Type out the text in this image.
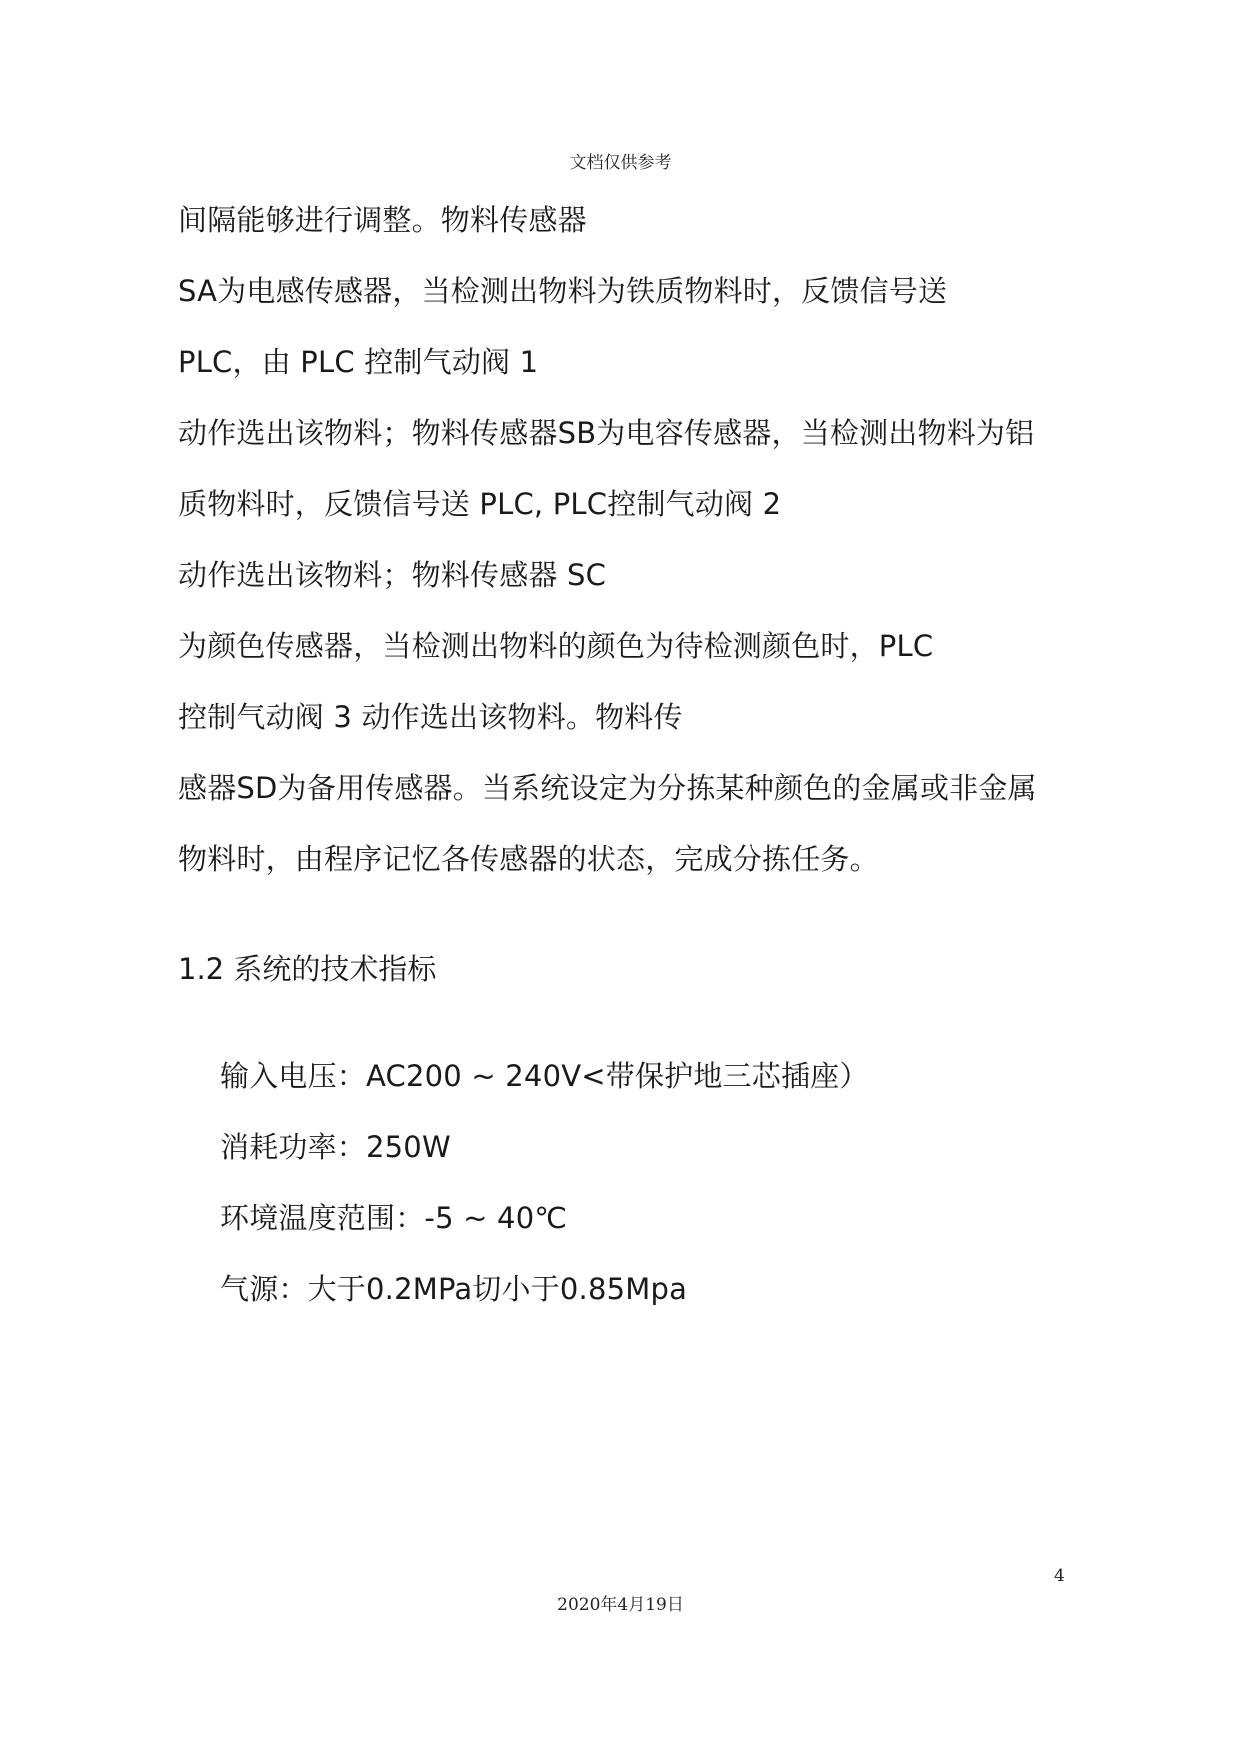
文档仅供参考
间隔能够进行调整。物料传感器
SA为电感传感器，当检测出物料为铁质物料时，反馈信号送
PLC，由 PLC 控制气动阀 1
动作选出该物料；物料传感器SB为电容传感器，当检测出物料为铝
质物料时，反馈信号送 PLC, PLC控制气动阀 2
动作选出该物料；物料传感器 SC
为颜色传感器，当检测出物料的颜色为待检测颜色时，PLC
控制气动阀 3 动作选出该物料。物料传
感器SD为备用传感器。当系统设定为分拣某种颜色的金属或非金属
物料时，由程序记忆各传感器的状态，完成分拣任务。
1.2 系统的技术指标
输入电压：AC200 ~ 240V<带保护地三芯插座）
消耗功率：250W
环境温度范围：-5 ~ 40℃
气源：大于0.2MPa切小于0.85Mpa
4
2020年4月19日
